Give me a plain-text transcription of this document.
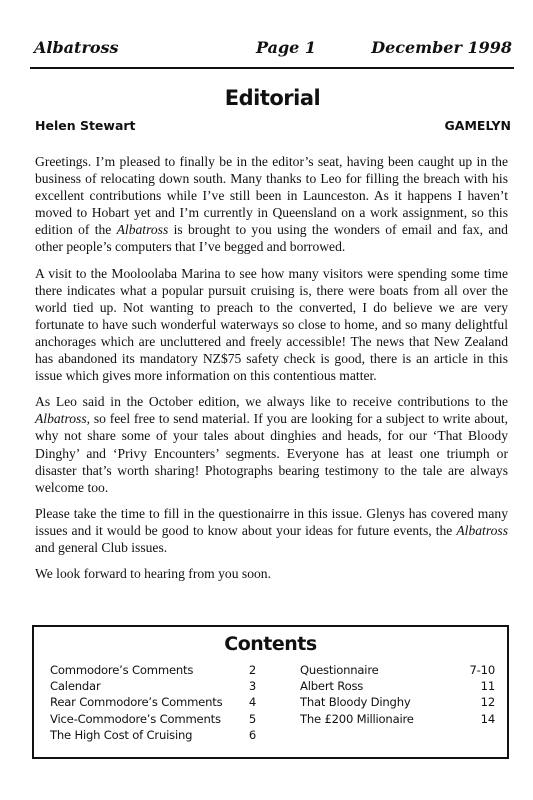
Albatross	Page 1	December 1998
Editorial
Helen Stewart	GAMELYN

Greetings. I’m pleased to finally be in the editor’s seat, having been caught up in the business of relocating down south. Many thanks to Leo for filling the breach with his excellent contributions while I’ve still been in Launceston. As it happens I haven’t moved to Hobart yet and I’m currently in Queensland on a work assignment, so this edition of the Albatross is brought to you using the wonders of email and fax, and other people’s computers that I’ve begged and borrowed.

A visit to the Mooloolaba Marina to see how many visitors were spending some time there indicates what a popular pursuit cruising is, there were boats from all over the world tied up. Not wanting to preach to the converted, I do believe we are very fortunate to have such wonderful waterways so close to home, and so many delightful anchorages which are uncluttered and freely accessible! The news that New Zealand has abandoned its mandatory NZ$75 safety check is good, there is an article in this issue which gives more information on this contentious matter.

As Leo said in the October edition, we always like to receive contributions to the Albatross, so feel free to send material. If you are looking for a subject to write about, why not share some of your tales about dinghies and heads, for our ‘That Bloody Dinghy’ and ‘Privy Encounters’ segments. Everyone has at least one triumph or disaster that’s worth sharing! Photographs bearing testimony to the tale are always welcome too.

Please take the time to fill in the questionairre in this issue. Glenys has covered many issues and it would be good to know about your ideas for future events, the Albatross and general Club issues.

We look forward to hearing from you soon.

Contents
Commodore’s Comments	2
Calendar	3
Rear Commodore’s Comments 4
Vice-Commodore’s Comments 5
The High Cost of Cruising	6
Questionnaire	7-10
Albert Ross	11
That Bloody Dinghy	12
The £200 Millionaire	14
